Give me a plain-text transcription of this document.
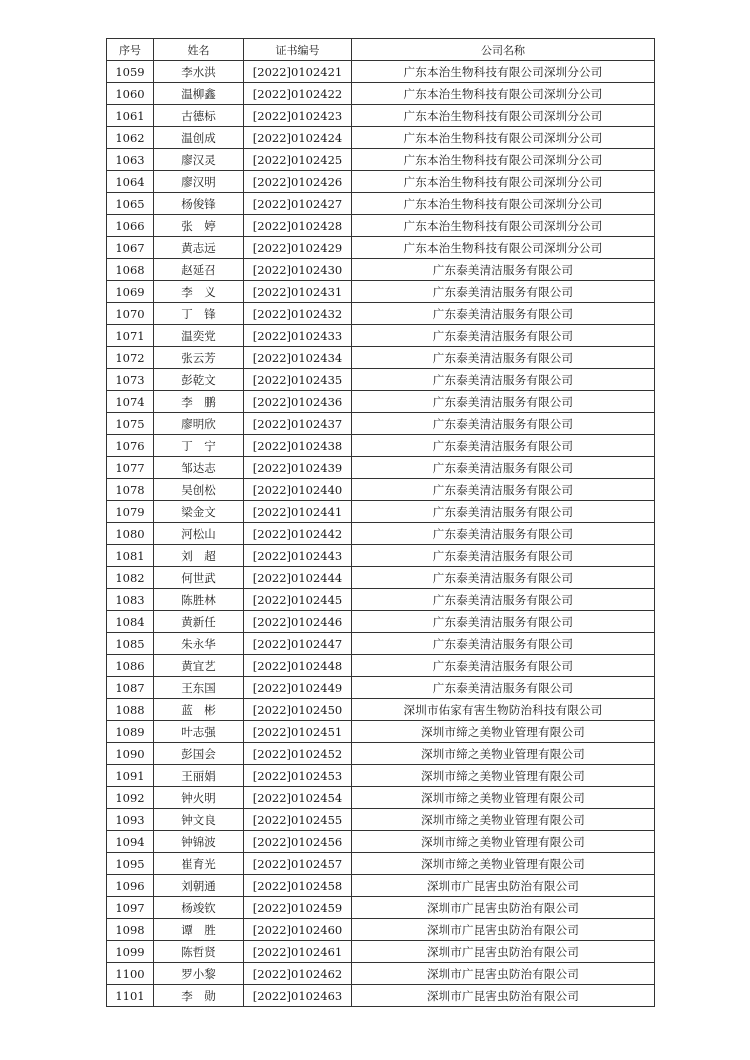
序号	姓名	证书编号	公司名称
1059	李水洪	[2022]0102421	广东本治生物科技有限公司深圳分公司
1060	温柳鑫	[2022]0102422	广东本治生物科技有限公司深圳分公司
1061	古德标	[2022]0102423	广东本治生物科技有限公司深圳分公司
1062	温创成	[2022]0102424	广东本治生物科技有限公司深圳分公司
1063	廖汉灵	[2022]0102425	广东本治生物科技有限公司深圳分公司
1064	廖汉明	[2022]0102426	广东本治生物科技有限公司深圳分公司
1065	杨俊锋	[2022]0102427	广东本治生物科技有限公司深圳分公司
1066	张　婷	[2022]0102428	广东本治生物科技有限公司深圳分公司
1067	黄志远	[2022]0102429	广东本治生物科技有限公司深圳分公司
1068	赵延召	[2022]0102430	广东泰美清洁服务有限公司
1069	李　义	[2022]0102431	广东泰美清洁服务有限公司
1070	丁　锋	[2022]0102432	广东泰美清洁服务有限公司
1071	温奕党	[2022]0102433	广东泰美清洁服务有限公司
1072	张云芳	[2022]0102434	广东泰美清洁服务有限公司
1073	彭乾文	[2022]0102435	广东泰美清洁服务有限公司
1074	李　鹏	[2022]0102436	广东泰美清洁服务有限公司
1075	廖明欣	[2022]0102437	广东泰美清洁服务有限公司
1076	丁　宁	[2022]0102438	广东泰美清洁服务有限公司
1077	邹达志	[2022]0102439	广东泰美清洁服务有限公司
1078	吴创松	[2022]0102440	广东泰美清洁服务有限公司
1079	梁金文	[2022]0102441	广东泰美清洁服务有限公司
1080	河松山	[2022]0102442	广东泰美清洁服务有限公司
1081	刘　超	[2022]0102443	广东泰美清洁服务有限公司
1082	何世武	[2022]0102444	广东泰美清洁服务有限公司
1083	陈胜林	[2022]0102445	广东泰美清洁服务有限公司
1084	黄新任	[2022]0102446	广东泰美清洁服务有限公司
1085	朱永华	[2022]0102447	广东泰美清洁服务有限公司
1086	黄宜艺	[2022]0102448	广东泰美清洁服务有限公司
1087	王东国	[2022]0102449	广东泰美清洁服务有限公司
1088	蓝　彬	[2022]0102450	深圳市佑家有害生物防治科技有限公司
1089	叶志强	[2022]0102451	深圳市缔之美物业管理有限公司
1090	彭国会	[2022]0102452	深圳市缔之美物业管理有限公司
1091	王丽娟	[2022]0102453	深圳市缔之美物业管理有限公司
1092	钟火明	[2022]0102454	深圳市缔之美物业管理有限公司
1093	钟文良	[2022]0102455	深圳市缔之美物业管理有限公司
1094	钟锦波	[2022]0102456	深圳市缔之美物业管理有限公司
1095	崔育光	[2022]0102457	深圳市缔之美物业管理有限公司
1096	刘朝通	[2022]0102458	深圳市广昆害虫防治有限公司
1097	杨竣钦	[2022]0102459	深圳市广昆害虫防治有限公司
1098	谭　胜	[2022]0102460	深圳市广昆害虫防治有限公司
1099	陈哲贤	[2022]0102461	深圳市广昆害虫防治有限公司
1100	罗小黎	[2022]0102462	深圳市广昆害虫防治有限公司
1101	李　勋	[2022]0102463	深圳市广昆害虫防治有限公司
